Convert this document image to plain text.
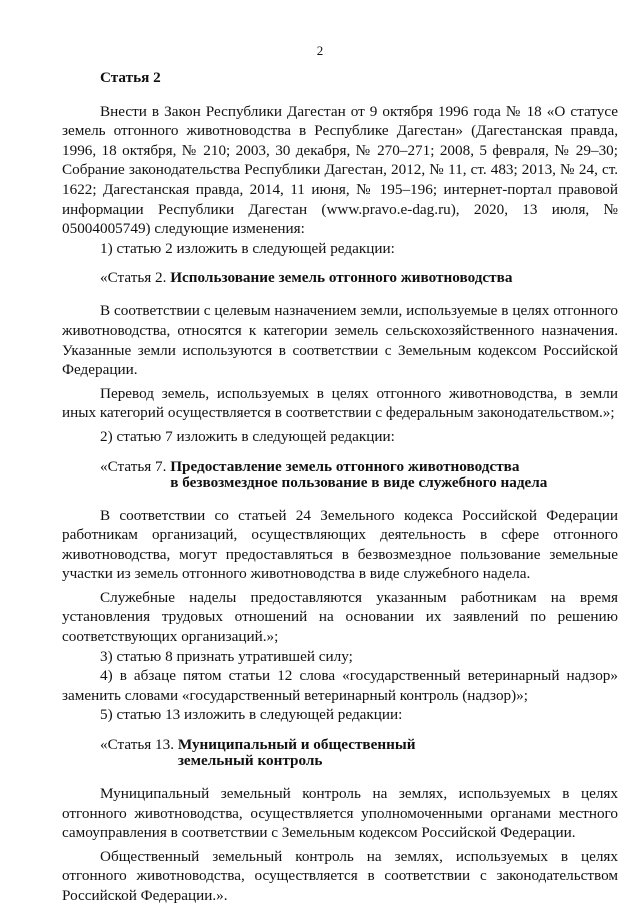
2
Статья 2

Внести в Закон Республики Дагестан от 9 октября 1996 года № 18 «О статусе земель отгонного животноводства в Республике Дагестан» (Дагестанская правда, 1996, 18 октября, № 210; 2003, 30 декабря, № 270–271; 2008, 5 февраля, № 29–30; Собрание законодательства Республики Дагестан, 2012, № 11, ст. 483; 2013, № 24, ст. 1622; Дагестанская правда, 2014, 11 июня, № 195–196; интернет-портал правовой информации Республики Дагестан (www.pravo.e-dag.ru), 2020, 13 июля, № 05004005749) следующие изменения:

1) статью 2 изложить в следующей редакции:
«Статья 2. Использование земель отгонного животноводства

В соответствии с целевым назначением земли, используемые в целях отгонного животноводства, относятся к категории земель сельскохозяйственного назначения. Указанные земли используются в соответствии с Земельным кодексом Российской Федерации.

Перевод земель, используемых в целях отгонного животноводства, в земли иных категорий осуществляется в соответствии с федеральным законодательством.»;

2) статью 7 изложить в следующей редакции:
«Статья 7. Предоставление земель отгонного животноводства
в безвозмездное пользование в виде служебного надела

В соответствии со статьей 24 Земельного кодекса Российской Федерации работникам организаций, осуществляющих деятельность в сфере отгонного животноводства, могут предоставляться в безвозмездное пользование земельные участки из земель отгонного животноводства в виде служебного надела.

Служебные наделы предоставляются указанным работникам на время установления трудовых отношений на основании их заявлений по решению соответствующих организаций.»;

3) статью 8 признать утратившей силу;

4) в абзаце пятом статьи 12 слова «государственный ветеринарный надзор» заменить словами «государственный ветеринарный контроль (надзор)»;

5) статью 13 изложить в следующей редакции:
«Статья 13. Муниципальный и общественный
земельный контроль

Муниципальный земельный контроль на землях, используемых в целях отгонного животноводства, осуществляется уполномоченными органами местного самоуправления в соответствии с Земельным кодексом Российской Федерации.

Общественный земельный контроль на землях, используемых в целях отгонного животноводства, осуществляется в соответствии с законодательством Российской Федерации.».
